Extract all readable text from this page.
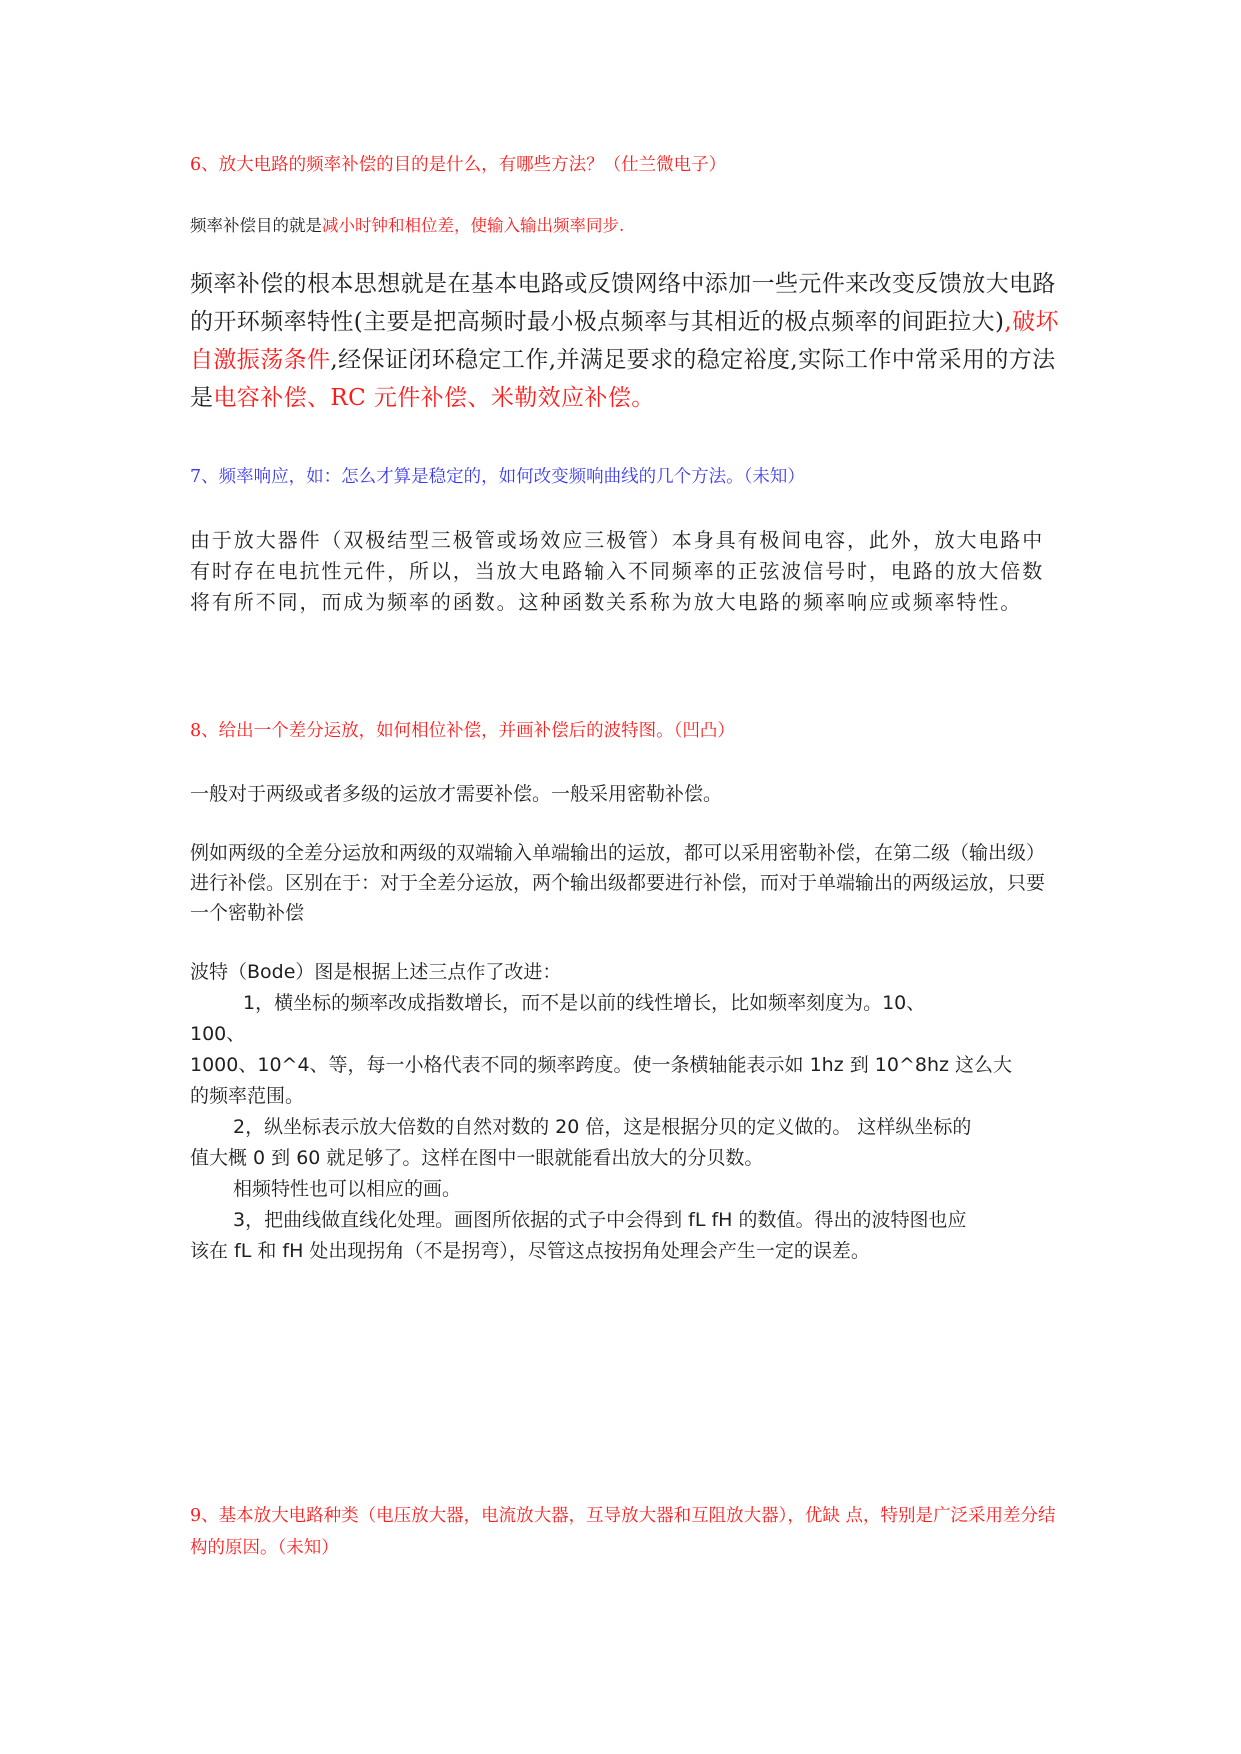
6、放大电路的频率补偿的目的是什么，有哪些方法？（仕兰微电子）

频率补偿目的就是减小时钟和相位差，使输入输出频率同步.

频率补偿的根本思想就是在基本电路或反馈网络中添加一些元件来改变反馈放大电路的开环频率特性(主要是把高频时最小极点频率与其相近的极点频率的间距拉大),破坏自激振荡条件,经保证闭环稳定工作,并满足要求的稳定裕度,实际工作中常采用的方法是电容补偿、RC 元件补偿、米勒效应补偿。

7、频率响应，如：怎么才算是稳定的，如何改变频响曲线的几个方法。（未知）

由于放大器件（双极结型三极管或场效应三极管）本身具有极间电容，此外，放大电路中有时存在电抗性元件，所以，当放大电路输入不同频率的正弦波信号时，电路的放大倍数将有所不同，而成为频率的函数。这种函数关系称为放大电路的频率响应或频率特性。

8、给出一个差分运放，如何相位补偿，并画补偿后的波特图。（凹凸）

一般对于两级或者多级的运放才需要补偿。一般采用密勒补偿。

例如两级的全差分运放和两级的双端输入单端输出的运放，都可以采用密勒补偿，在第二级（输出级）进行补偿。区别在于：对于全差分运放，两个输出级都要进行补偿，而对于单端输出的两级运放，只要一个密勒补偿

波特（Bode）图是根据上述三点作了改进：

1，横坐标的频率改成指数增长，而不是以前的线性增长，比如频率刻度为。10、

100、

1000、10^4、等，每一小格代表不同的频率跨度。使一条横轴能表示如 1hz 到 10^8hz 这么大

的频率范围。

2，纵坐标表示放大倍数的自然对数的 20 倍，这是根据分贝的定义做的。 这样纵坐标的

值大概 0 到 60 就足够了。这样在图中一眼就能看出放大的分贝数。

相频特性也可以相应的画。

3，把曲线做直线化处理。画图所依据的式子中会得到 fL fH 的数值。得出的波特图也应

该在 fL 和 fH 处出现拐角（不是拐弯），尽管这点按拐角处理会产生一定的误差。

9、基本放大电路种类（电压放大器，电流放大器，互导放大器和互阻放大器），优缺 点，特别是广泛采用差分结构的原因。（未知）
